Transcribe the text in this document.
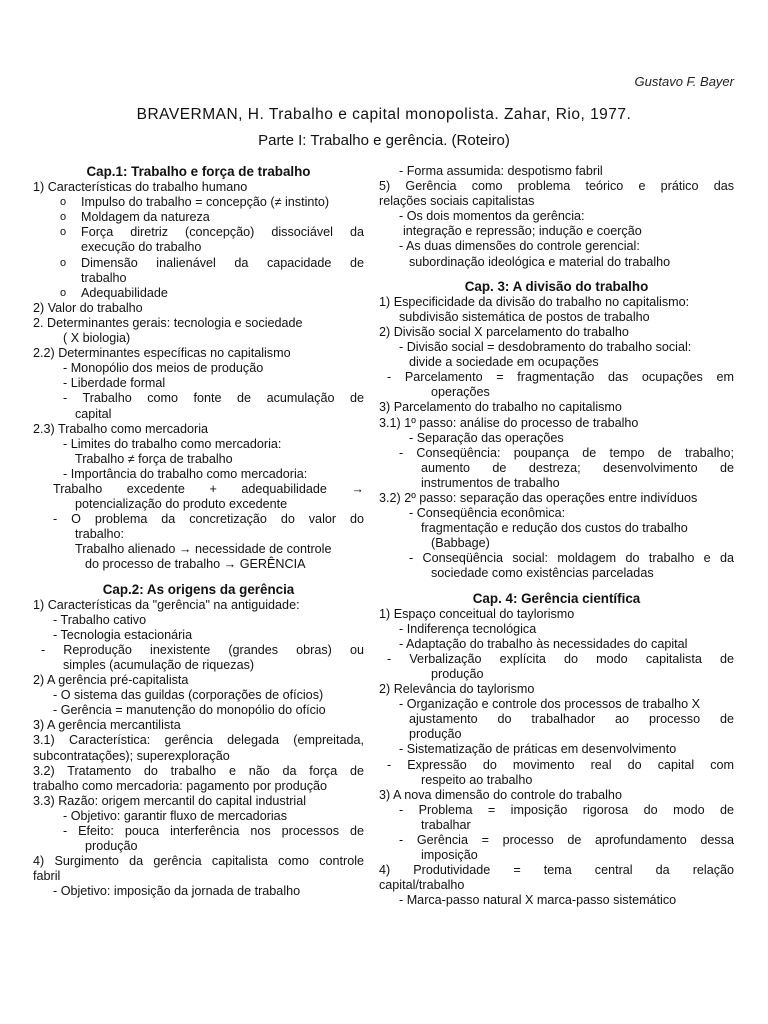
Gustavo F. Bayer
BRAVERMAN, H. Trabalho e capital monopolista. Zahar, Rio, 1977.
Parte I: Trabalho e gerência. (Roteiro)
Cap.1: Trabalho e força de trabalho
1) Características do trabalho humano
o Impulso do trabalho = concepção (≠ instinto)
o Moldagem da natureza
o Força diretriz (concepção) dissociável da
execução do trabalho
o Dimensão inalienável da capacidade de
trabalho
o Adequabilidade
2) Valor do trabalho
2. Determinantes gerais: tecnologia e sociedade
( X biologia)
2.2) Determinantes específicas no capitalismo
- Monopólio dos meios de produção
- Liberdade formal
- Trabalho como fonte de acumulação de
capital
2.3) Trabalho como mercadoria
- Limites do trabalho como mercadoria:
Trabalho ≠ força de trabalho
- Importância do trabalho como mercadoria:
Trabalho excedente + adequabilidade →
potencialização do produto excedente
- O problema da concretização do valor do
trabalho:
Trabalho alienado → necessidade de controle
do processo de trabalho → GERÊNCIA
Cap.2: As origens da gerência
1) Características da "gerência" na antiguidade:
- Trabalho cativo
- Tecnologia estacionária
- Reprodução inexistente (grandes obras) ou
simples (acumulação de riquezas)
2) A gerência pré-capitalista
- O sistema das guildas (corporações de ofícios)
- Gerência = manutenção do monopólio do ofício
3) A gerência mercantilista
3.1) Característica: gerência delegada (empreitada,
subcontratações); superexploração
3.2) Tratamento do trabalho e não da força de
trabalho como mercadoria: pagamento por produção
3.3) Razão: origem mercantil do capital industrial
- Objetivo: garantir fluxo de mercadorias
- Efeito: pouca interferência nos processos de
produção
4) Surgimento da gerência capitalista como controle
fabril
- Objetivo: imposição da jornada de trabalho
- Forma assumida: despotismo fabril
5) Gerência como problema teórico e prático das
relações sociais capitalistas
- Os dois momentos da gerência:
integração e repressão; indução e coerção
- As duas dimensões do controle gerencial:
subordinação ideológica e material do trabalho
Cap. 3: A divisão do trabalho
1) Especificidade da divisão do trabalho no capitalismo:
subdivisão sistemática de postos de trabalho
2) Divisão social X parcelamento do trabalho
- Divisão social = desdobramento do trabalho social:
divide a sociedade em ocupações
- Parcelamento = fragmentação das ocupações em
operações
3) Parcelamento do trabalho no capitalismo
3.1) 1º passo: análise do processo de trabalho
- Separação das operações
- Conseqüência: poupança de tempo de trabalho;
aumento de destreza; desenvolvimento de
instrumentos de trabalho
3.2) 2º passo: separação das operações entre indivíduos
- Conseqüência econômica:
fragmentação e redução dos custos do trabalho
(Babbage)
- Conseqüência social: moldagem do trabalho e da
sociedade como existências parceladas
Cap. 4: Gerência científica
1) Espaço conceitual do taylorismo
- Indiferença tecnológica
- Adaptação do trabalho às necessidades do capital
- Verbalização explícita do modo capitalista de
produção
2) Relevância do taylorismo
- Organização e controle dos processos de trabalho X
ajustamento do trabalhador ao processo de
produção
- Sistematização de práticas em desenvolvimento
- Expressão do movimento real do capital com
respeito ao trabalho
3) A nova dimensão do controle do trabalho
- Problema = imposição rigorosa do modo de
trabalhar
- Gerência = processo de aprofundamento dessa
imposição
4) Produtividade = tema central da relação
capital/trabalho
- Marca-passo natural X marca-passo sistemático
